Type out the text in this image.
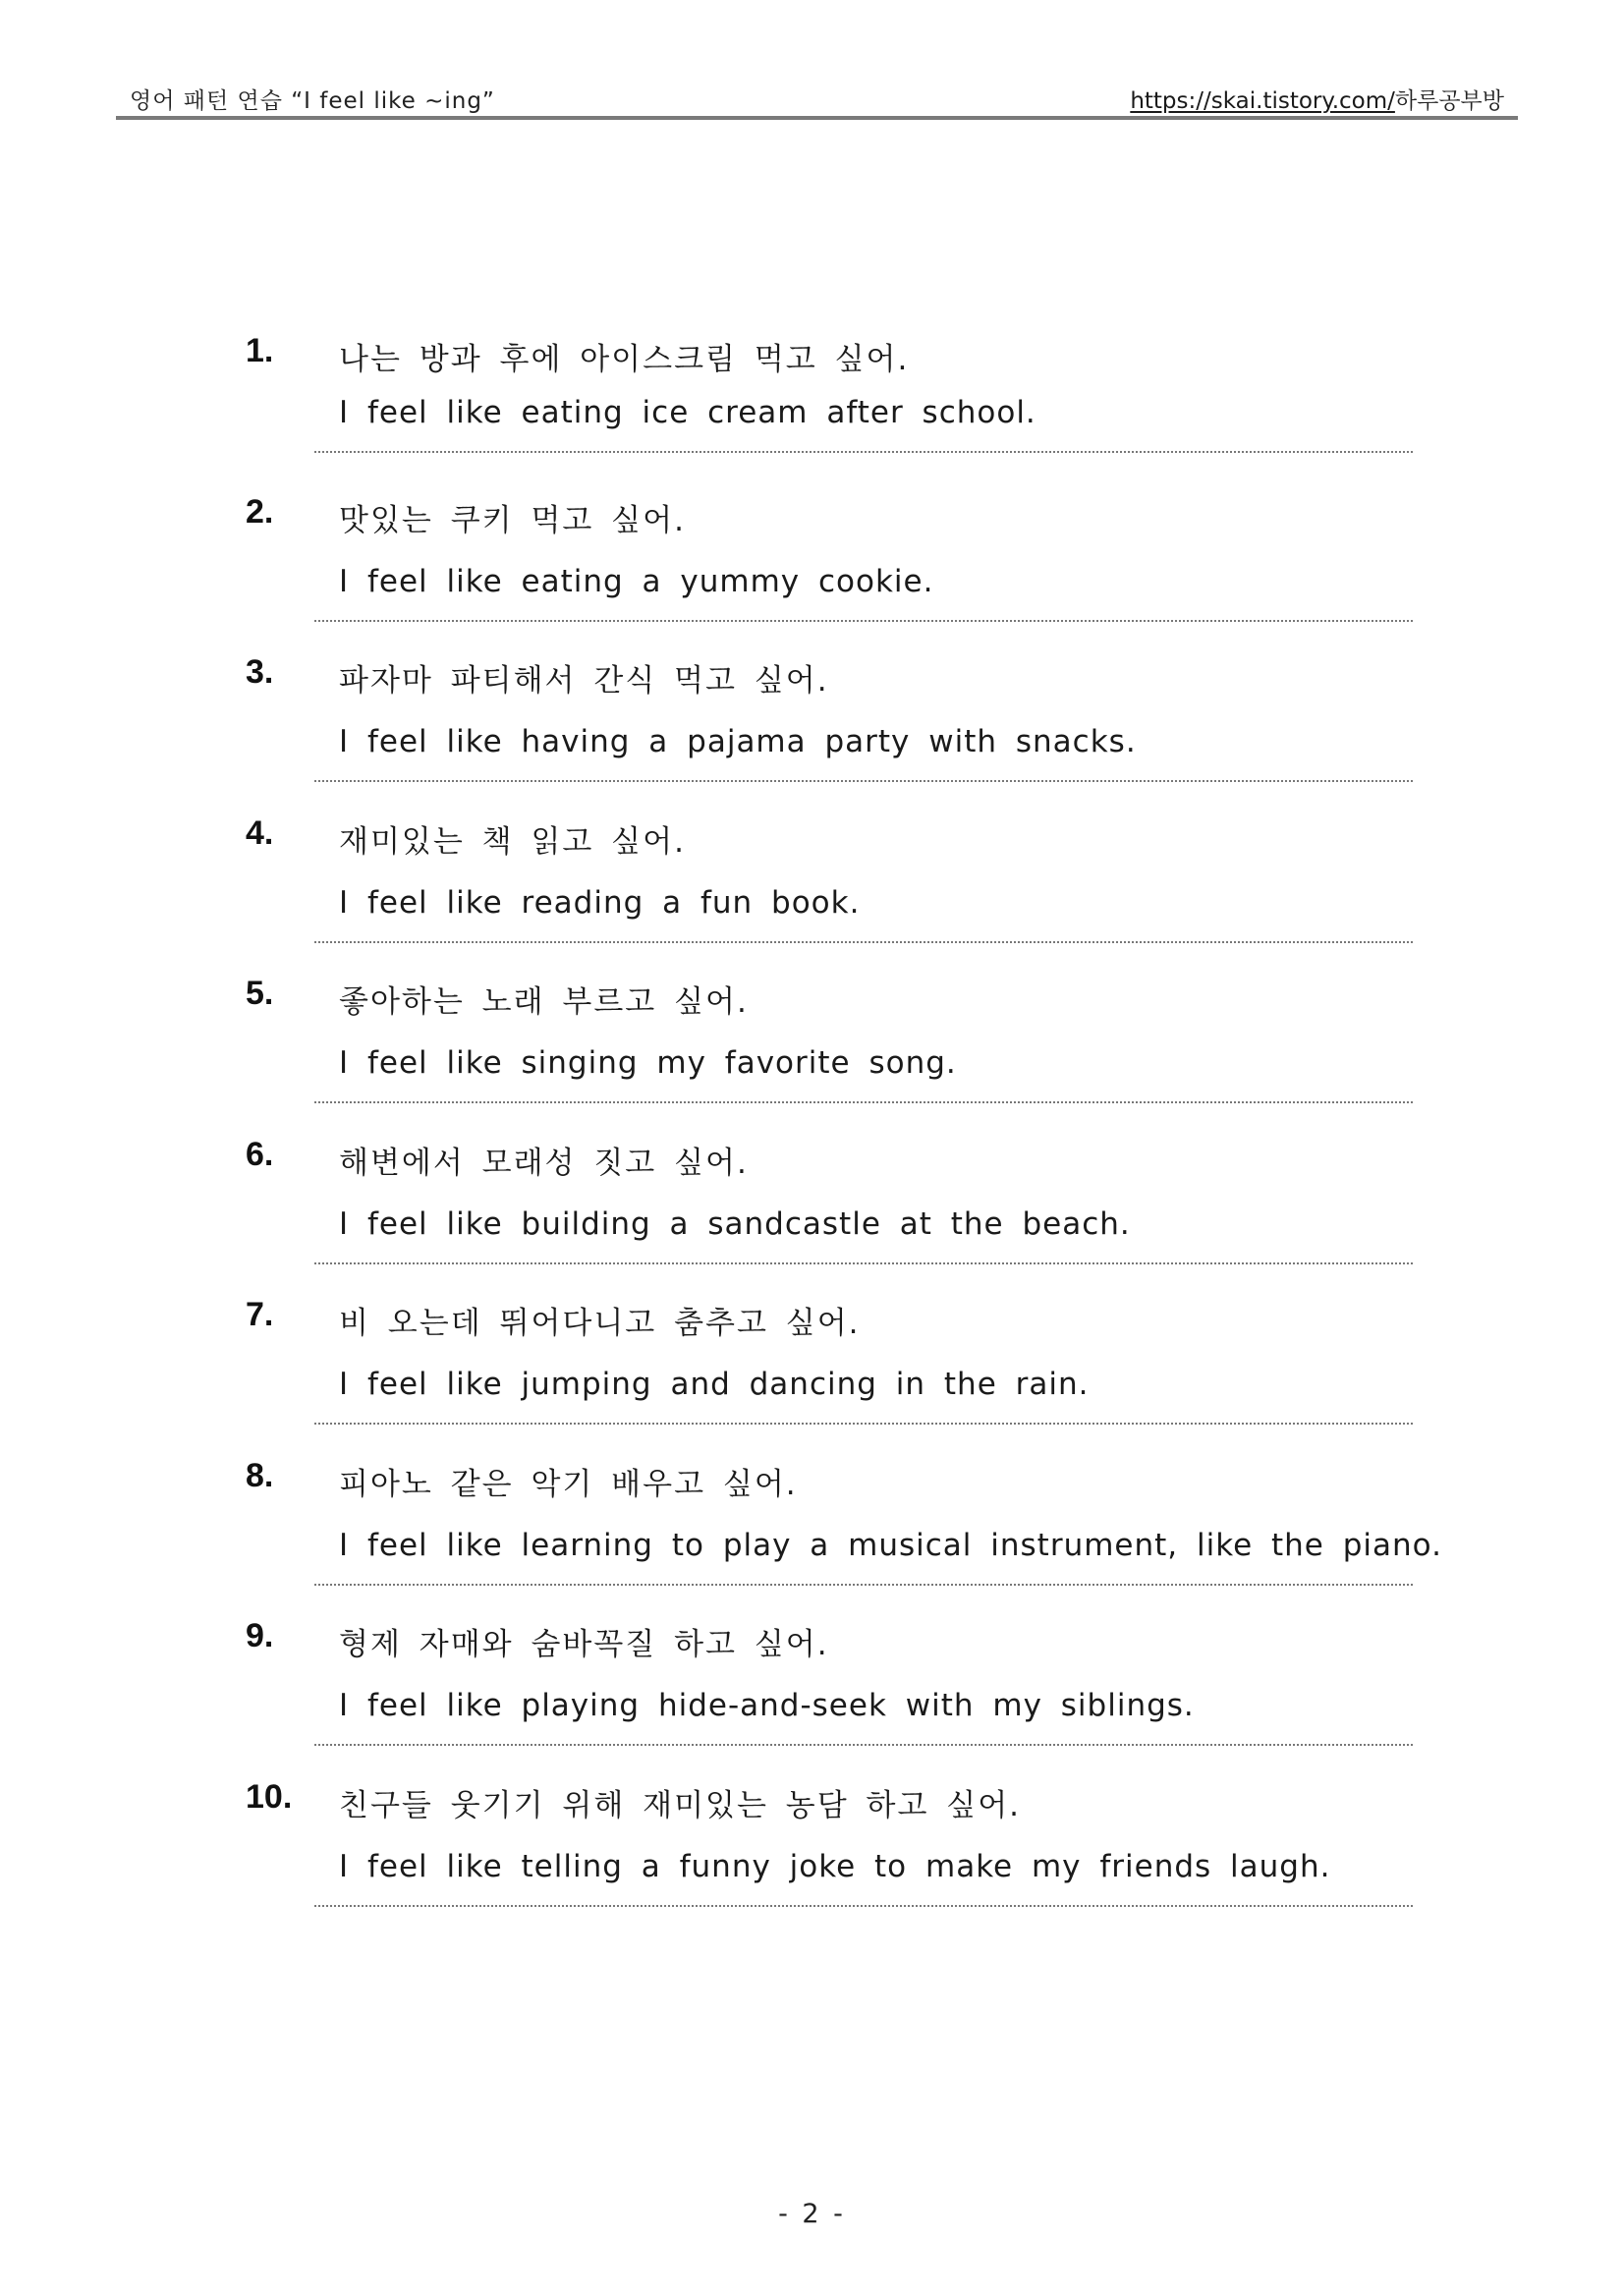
영어 패턴 연습 “I feel like ~ing”	https://skai.tistory.com/하루공부방
1. 나는 방과 후에 아이스크림 먹고 싶어.
I feel like eating ice cream after school.
2. 맛있는 쿠키 먹고 싶어.
I feel like eating a yummy cookie.
3. 파자마 파티해서 간식 먹고 싶어.
I feel like having a pajama party with snacks.
4. 재미있는 책 읽고 싶어.
I feel like reading a fun book.
5. 좋아하는 노래 부르고 싶어.
I feel like singing my favorite song.
6. 해변에서 모래성 짓고 싶어.
I feel like building a sandcastle at the beach.
7. 비 오는데 뛰어다니고 춤추고 싶어.
I feel like jumping and dancing in the rain.
8. 피아노 같은 악기 배우고 싶어.
I feel like learning to play a musical instrument, like the piano.
9. 형제 자매와 숨바꼭질 하고 싶어.
I feel like playing hide-and-seek with my siblings.
10. 친구들 웃기기 위해 재미있는 농담 하고 싶어.
I feel like telling a funny joke to make my friends laugh.
- 2 -
